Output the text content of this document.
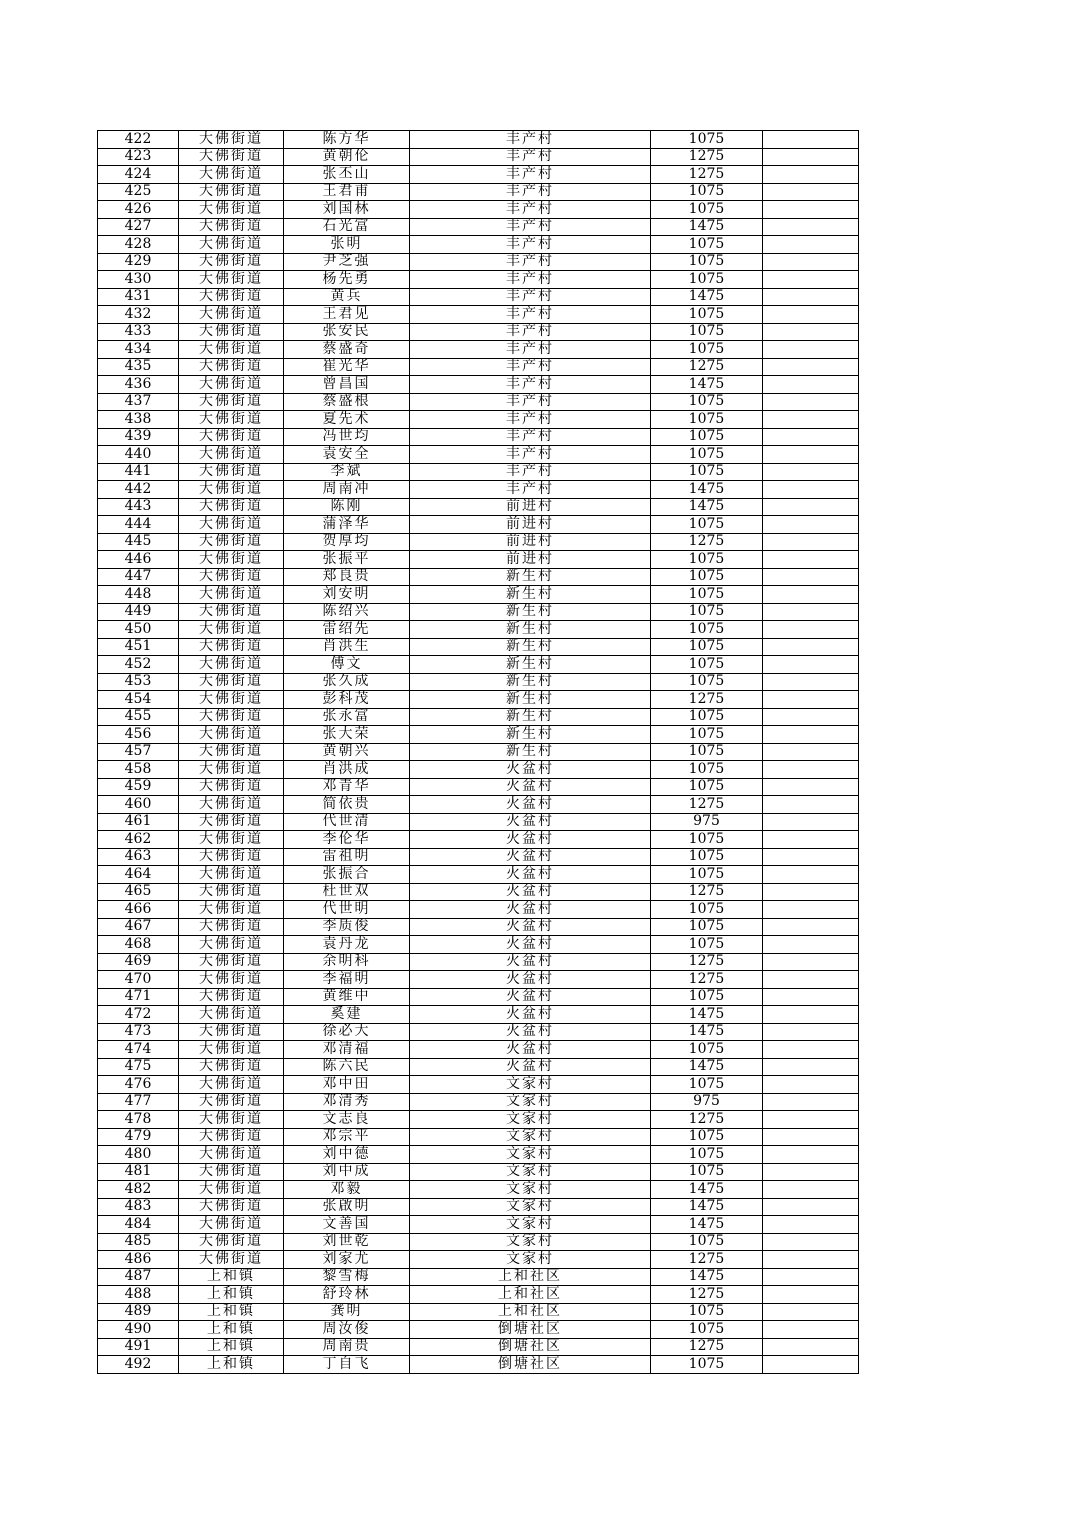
422	大佛街道	陈方华	丰产村	1075	
423	大佛街道	黄朝伦	丰产村	1275	
424	大佛街道	张丕山	丰产村	1275	
425	大佛街道	王君甫	丰产村	1075	
426	大佛街道	刘国林	丰产村	1075	
427	大佛街道	石光富	丰产村	1475	
428	大佛街道	张明	丰产村	1075	
429	大佛街道	尹芝强	丰产村	1075	
430	大佛街道	杨先勇	丰产村	1075	
431	大佛街道	黄兵	丰产村	1475	
432	大佛街道	王君见	丰产村	1075	
433	大佛街道	张安民	丰产村	1075	
434	大佛街道	蔡盛奇	丰产村	1075	
435	大佛街道	崔光华	丰产村	1275	
436	大佛街道	曾昌国	丰产村	1475	
437	大佛街道	蔡盛根	丰产村	1075	
438	大佛街道	夏先术	丰产村	1075	
439	大佛街道	冯世均	丰产村	1075	
440	大佛街道	袁安全	丰产村	1075	
441	大佛街道	李斌	丰产村	1075	
442	大佛街道	周南冲	丰产村	1475	
443	大佛街道	陈刚	前进村	1475	
444	大佛街道	蒲泽华	前进村	1075	
445	大佛街道	贺厚均	前进村	1275	
446	大佛街道	张振平	前进村	1075	
447	大佛街道	郑良贵	新生村	1075	
448	大佛街道	刘安明	新生村	1075	
449	大佛街道	陈绍兴	新生村	1075	
450	大佛街道	雷绍先	新生村	1075	
451	大佛街道	肖洪生	新生村	1075	
452	大佛街道	傅文	新生村	1075	
453	大佛街道	张久成	新生村	1075	
454	大佛街道	彭科茂	新生村	1275	
455	大佛街道	张永富	新生村	1075	
456	大佛街道	张大荣	新生村	1075	
457	大佛街道	黄朝兴	新生村	1075	
458	大佛街道	肖洪成	火盆村	1075	
459	大佛街道	邓青华	火盆村	1075	
460	大佛街道	简依贵	火盆村	1275	
461	大佛街道	代世清	火盆村	975	
462	大佛街道	李伦华	火盆村	1075	
463	大佛街道	雷祖明	火盆村	1075	
464	大佛街道	张振合	火盆村	1075	
465	大佛街道	杜世双	火盆村	1275	
466	大佛街道	代世明	火盆村	1075	
467	大佛街道	李质俊	火盆村	1075	
468	大佛街道	袁丹龙	火盆村	1075	
469	大佛街道	余明科	火盆村	1275	
470	大佛街道	李福明	火盆村	1275	
471	大佛街道	黄维中	火盆村	1075	
472	大佛街道	奚建	火盆村	1475	
473	大佛街道	徐必大	火盆村	1475	
474	大佛街道	邓清福	火盆村	1075	
475	大佛街道	陈六民	火盆村	1475	
476	大佛街道	邓中田	文家村	1075	
477	大佛街道	邓清秀	文家村	975	
478	大佛街道	文志良	文家村	1275	
479	大佛街道	邓宗平	文家村	1075	
480	大佛街道	刘中德	文家村	1075	
481	大佛街道	刘中成	文家村	1075	
482	大佛街道	邓毅	文家村	1475	
483	大佛街道	张啟明	文家村	1475	
484	大佛街道	文善国	文家村	1475	
485	大佛街道	刘世乾	文家村	1075	
486	大佛街道	刘家尤	文家村	1275	
487	上和镇	黎雪梅	上和社区	1475	
488	上和镇	舒玲林	上和社区	1275	
489	上和镇	龚明	上和社区	1075	
490	上和镇	周汝俊	倒塘社区	1075	
491	上和镇	周南贵	倒塘社区	1275	
492	上和镇	丁自飞	倒塘社区	1075	
